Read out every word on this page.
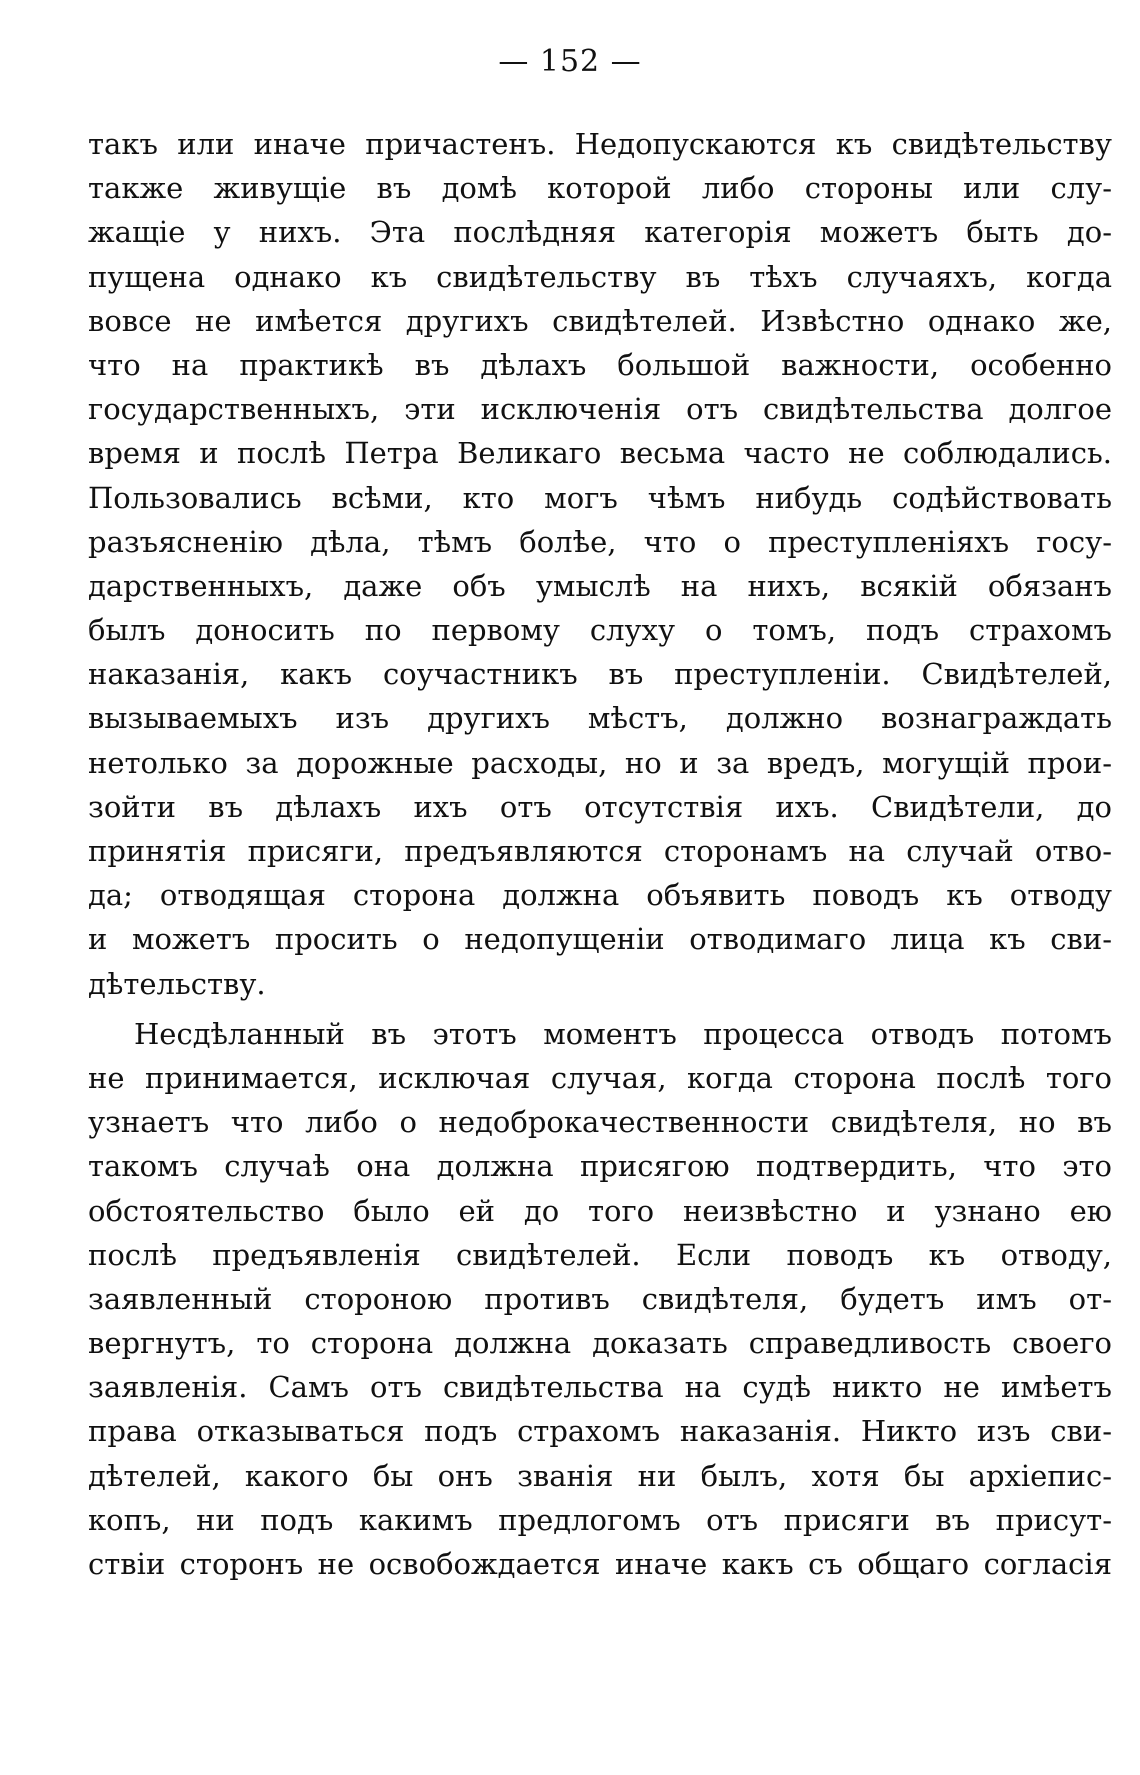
— 152 —
такъ или иначе причастенъ. Недопускаются къ свидѣтельству
также живущіе въ домѣ которой либо стороны или слу-
жащіе у нихъ. Эта послѣдняя категорія можетъ быть до-
пущена однако къ свидѣтельству въ тѣхъ случаяхъ, когда
вовсе не имѣется другихъ свидѣтелей. Извѣстно однако же,
что на практикѣ въ дѣлахъ большой важности, особенно
государственныхъ, эти исключенія отъ свидѣтельства долгое
время и послѣ Петра Великаго весьма часто не соблюдались.
Пользовались всѣми, кто могъ чѣмъ нибудь содѣйствовать
разъясненію дѣла, тѣмъ болѣе, что о преступленіяхъ госу-
дарственныхъ, даже объ умыслѣ на нихъ, всякій обязанъ
былъ доносить по первому слуху о томъ, подъ страхомъ
наказанія, какъ соучастникъ въ преступленіи. Свидѣтелей,
вызываемыхъ изъ другихъ мѣстъ, должно вознаграждать
нетолько за дорожные расходы, но и за вредъ, могущій прои-
зойти въ дѣлахъ ихъ отъ отсутствія ихъ. Свидѣтели, до
принятія присяги, предъявляются сторонамъ на случай отво-
да; отводящая сторона должна объявить поводъ къ отводу
и можетъ просить о недопущеніи отводимаго лица къ сви-
дѣтельству.
Несдѣланный въ этотъ моментъ процесса отводъ потомъ
не принимается, исключая случая, когда сторона послѣ того
узнаетъ что либо о недоброкачественности свидѣтеля, но въ
такомъ случаѣ она должна присягою подтвердить, что это
обстоятельство было ей до того неизвѣстно и узнано ею
послѣ предъявленія свидѣтелей. Если поводъ къ отводу,
заявленный стороною противъ свидѣтеля, будетъ имъ от-
вергнутъ, то сторона должна доказать справедливость своего
заявленія. Самъ отъ свидѣтельства на судѣ никто не имѣетъ
права отказываться подъ страхомъ наказанія. Никто изъ сви-
дѣтелей, какого бы онъ званія ни былъ, хотя бы архіепис-
копъ, ни подъ какимъ предлогомъ отъ присяги въ присут-
ствіи сторонъ не освобождается иначе какъ съ общаго согласія
